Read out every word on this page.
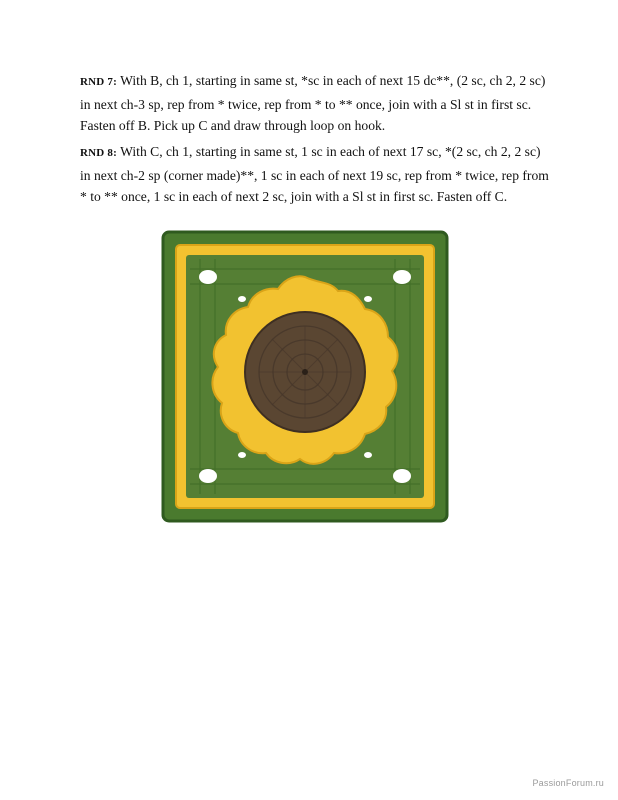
RND 7: With B, ch 1, starting in same st, *sc in each of next 15 dc**, (2 sc, ch 2, 2 sc) in next ch-3 sp, rep from * twice, rep from * to ** once, join with a Sl st in first sc. Fasten off B. Pick up C and draw through loop on hook.

RND 8: With C, ch 1, starting in same st, 1 sc in each of next 17 sc, *(2 sc, ch 2, 2 sc) in next ch-2 sp (corner made)**, 1 sc in each of next 19 sc, rep from * twice, rep from * to ** once, 1 sc in each of next 2 sc, join with a Sl st in first sc. Fasten off C.

PassionForum.ru
